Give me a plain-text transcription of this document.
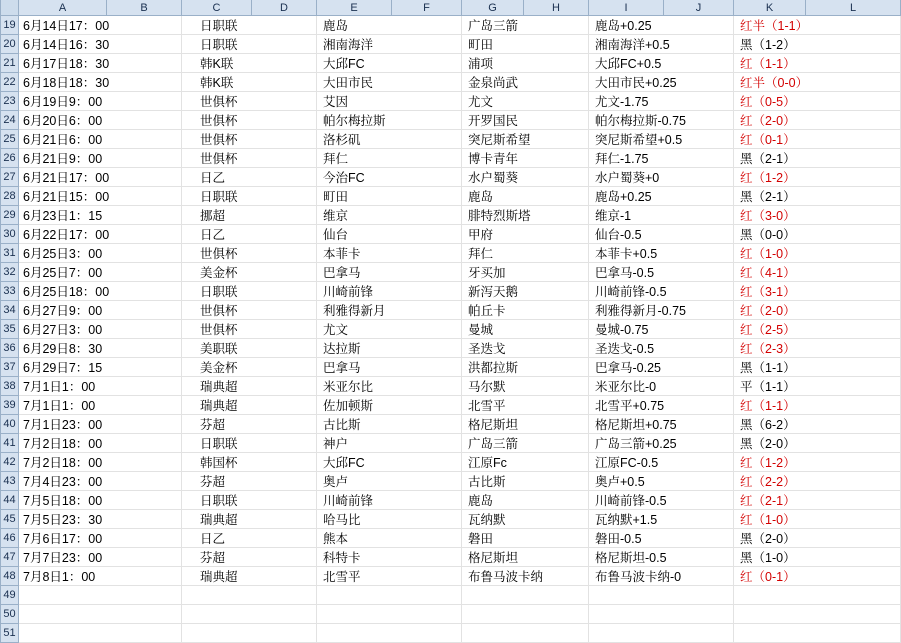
	A	B	C	D	E	F	G	H	I	J	K	L
19	6月14日17：00		日职联		鹿岛		广岛三箭		鹿岛+0.25		红半（1-1）	
20	6月14日16：30		日职联		湘南海洋		町田		湘南海洋+0.5		黑（1-2）	
21	6月17日18：30		韩K联		大邱FC		浦项		大邱FC+0.5		红（1-1）	
22	6月18日18：30		韩K联		大田市民		金泉尚武		大田市民+0.25		红半（0-0）	
23	6月19日9：00		世俱杯		艾因		尤文		尤文-1.75		红（0-5）	
24	6月20日6：00		世俱杯		帕尔梅拉斯		开罗国民		帕尔梅拉斯-0.75		红（2-0）	
25	6月21日6：00		世俱杯		洛杉矶		突尼斯希望		突尼斯希望+0.5		红（0-1）	
26	6月21日9：00		世俱杯		拜仁		博卡青年		拜仁-1.75		黑（2-1）	
27	6月21日17：00		日乙		今治FC		水户蜀葵		水户蜀葵+0		红（1-2）	
28	6月21日15：00		日职联		町田		鹿岛		鹿岛+0.25		黑（2-1）	
29	6月23日1：15		挪超		维京		腓特烈斯塔		维京-1		红（3-0）	
30	6月22日17：00		日乙		仙台		甲府		仙台-0.5		黑（0-0）	
31	6月25日3：00		世俱杯		本菲卡		拜仁		本菲卡+0.5		红（1-0）	
32	6月25日7：00		美金杯		巴拿马		牙买加		巴拿马-0.5		红（4-1）	
33	6月25日18：00		日职联		川崎前锋		新泻天鹅		川崎前锋-0.5		红（3-1）	
34	6月27日9：00		世俱杯		利雅得新月		帕丘卡		利雅得新月-0.75		红（2-0）	
35	6月27日3：00		世俱杯		尤文		曼城		曼城-0.75		红（2-5）	
36	6月29日8：30		美职联		达拉斯		圣迭戈		圣迭戈-0.5		红（2-3）	
37	6月29日7：15		美金杯		巴拿马		洪都拉斯		巴拿马-0.25		黑（1-1）	
38	7月1日1：00		瑞典超		米亚尔比		马尔默		米亚尔比-0		平（1-1）	
39	7月1日1：00		瑞典超		佐加顿斯		北雪平		北雪平+0.75		红（1-1）	
40	7月1日23：00		芬超		古比斯		格尼斯坦		格尼斯坦+0.75		黑（6-2）	
41	7月2日18：00		日职联		神户		广岛三箭		广岛三箭+0.25		黑（2-0）	
42	7月2日18：00		韩国杯		大邱FC		江原Fc		江原FC-0.5		红（1-2）	
43	7月4日23：00		芬超		奥卢		古比斯		奥卢+0.5		红（2-2）	
44	7月5日18：00		日职联		川崎前锋		鹿岛		川崎前锋-0.5		红（2-1）	
45	7月5日23：30		瑞典超		哈马比		瓦纳默		瓦纳默+1.5		红（1-0）	
46	7月6日17：00		日乙		熊本		磐田		磐田-0.5		黑（2-0）	
47	7月7日23：00		芬超		科特卡		格尼斯坦		格尼斯坦-0.5		黑（1-0）	
48	7月8日1：00		瑞典超		北雪平		布鲁马波卡纳		布鲁马波卡纳-0		红（0-1）	
49												
50												
51												
